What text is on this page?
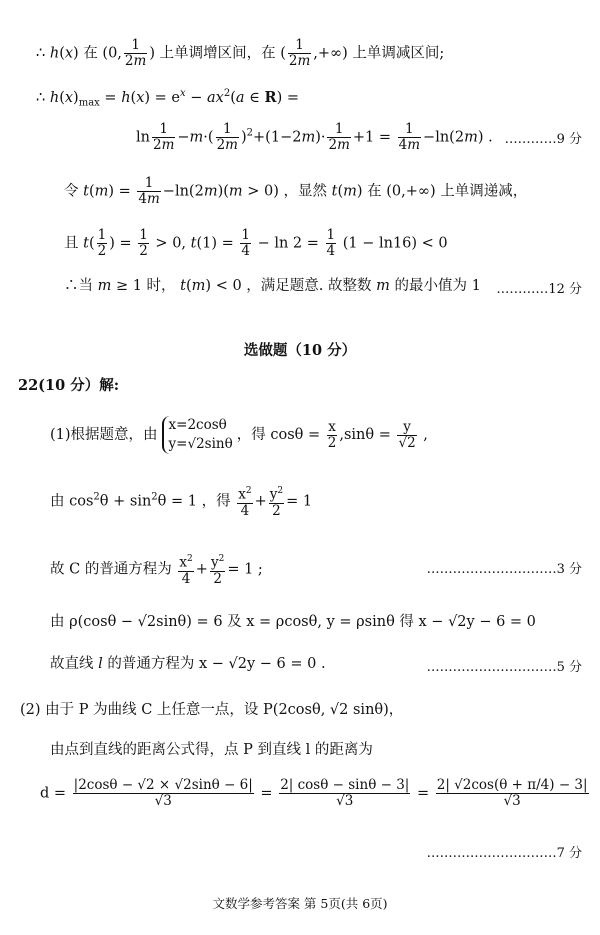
∴ h(x) 在 (0, $\frac{1}{2m}$ ) 上单调增区间，在 ( $\frac{1}{2m}$ ,+∞) 上单调减区间;
∴ $h(x)_{max} = h(x) = e^x - ax^2(a$ ∈ R) =
$\ln \frac{1}{2m} -m\cdot( \frac{1}{2m} )^2+(1-2m)\cdot \frac{1}{2m} +1 = \frac{1}{4m} -\ln(2m)$ . …………9 分
令 $t(m) = \frac{1}{4m} -\ln(2m)(m > 0)$ ，显然 t(m) 在 (0,+∞) 上单调递减，
且 $t( \frac{1}{2}$ ) = $\frac{1}{2} > 0$, $t(1) = \frac{1}{4} - \ln 2 = \frac{1}{4} (1 - \ln 16) < 0$
∴当 m ≥ 1 时， t(m) < 0 ，满足题意. 故整数 m 的最小值为 1 …………12 分
选做题（10 分）
22(10 分）解:
(1)根据题意，由
x=2cosθ
y=√2sinθ
，得 $\cos\theta = \frac{x}{2} ,\sin\theta = \frac{y}{√2}$ ,
由 $\cos^2\theta + \sin^2\theta = 1$ ，得 $\frac{x^2}{4} + \frac{y^2}{2} = 1$
故 C 的普通方程为 $\frac{x^2}{4} + \frac{y^2}{2} = 1$ ;	…………………………3 分
由 ρ(cosθ − √2sinθ) = 6 及 x = ρcosθ, y = ρsinθ 得 x − √2y − 6 = 0
故直线 l 的普通方程为 x − √2y − 6 = 0 .	…………………………5 分
(2) 由于 P 为曲线 C 上任意一点，设 P(2cosθ, √2 sinθ)，
由点到直线的距离公式得，点 P 到直线 l 的距离为
$d = \frac{|2\cos\theta - √2 \times √2\sin\theta - 6|}{√3} = \frac{2| \cos\theta - \sin\theta - 3|}{√3} = \frac{2| √2\cos(\theta + \pi/4) - 3|}{√3}$
…………………………7 分
文数学参考答案 第 5页(共 6页)
